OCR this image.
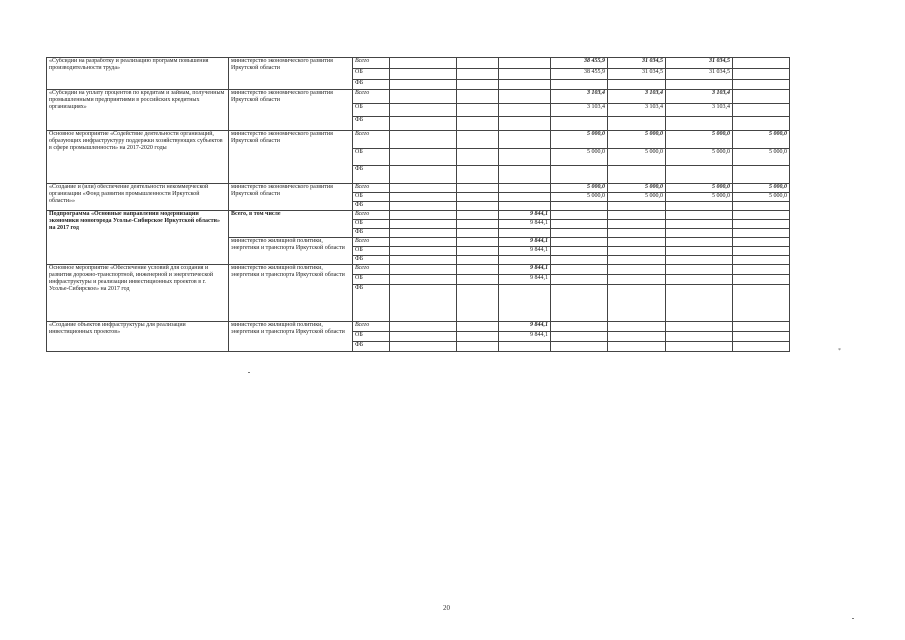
«Субсидии на разработку и реализацию программ повышения производительности труда»	министерство экономического развития Иркутской области	Всего				38 455,9	31 034,5	31 034,5	
		ОБ				38 455,9	31 034,5	31 034,5	
		ФБ							
«Субсидии на уплату процентов по кредитам и займам, полученным промышленными предприятиями в российских кредитных организациях»	министерство экономического развития Иркутской области	Всего				3 103,4	3 103,4	3 103,4	
		ОБ				3 103,4	3 103,4	3 103,4	
		ФБ							
Основное мероприятие «Содействие деятельности организаций, образующих инфраструктуру поддержки хозяйствующих субъектов в сфере промышленности» на 2017-2020 годы	министерство экономического развития Иркутской области	Всего				5 000,0	5 000,0	5 000,0	5 000,0
		ОБ				5 000,0	5 000,0	5 000,0	5 000,0
		ФБ							
«Создание и (или) обеспечение деятельности некоммерческой организации «Фонд развития промышленности Иркутской области»»	министерство экономического развития Иркутской области	Всего				5 000,0	5 000,0	5 000,0	5 000,0
		ОБ				5 000,0	5 000,0	5 000,0	5 000,0
		ФБ							
Подпрограмма «Основные направления модернизации экономики моногорода Усолье-Сибирское Иркутской области» на 2017 год	Всего, в том числе	Всего			9 844,1				
		ОБ			9 844,1				
		ФБ							
	министерство жилищной политики, энергетики и транспорта Иркутской области	Всего			9 844,1				
		ОБ			9 844,1				
		ФБ							
Основное мероприятие «Обеспечение условий для создания и развития дорожно-транспортной, инженерной и энергетической инфраструктуры и реализации инвестиционных проектов в г. Усолье-Сибирское» на 2017 год	министерство жилищной политики, энергетики и транспорта Иркутской области	Всего			9 844,1				
		ОБ			9 844,1				
		ФБ							
«Создание объектов инфраструктуры для реализации инвестиционных проектов»	министерство жилищной политики, энергетики и транспорта Иркутской области	Всего			9 844,1				
		ОБ			9 844,1				
		ФБ							
*
20
